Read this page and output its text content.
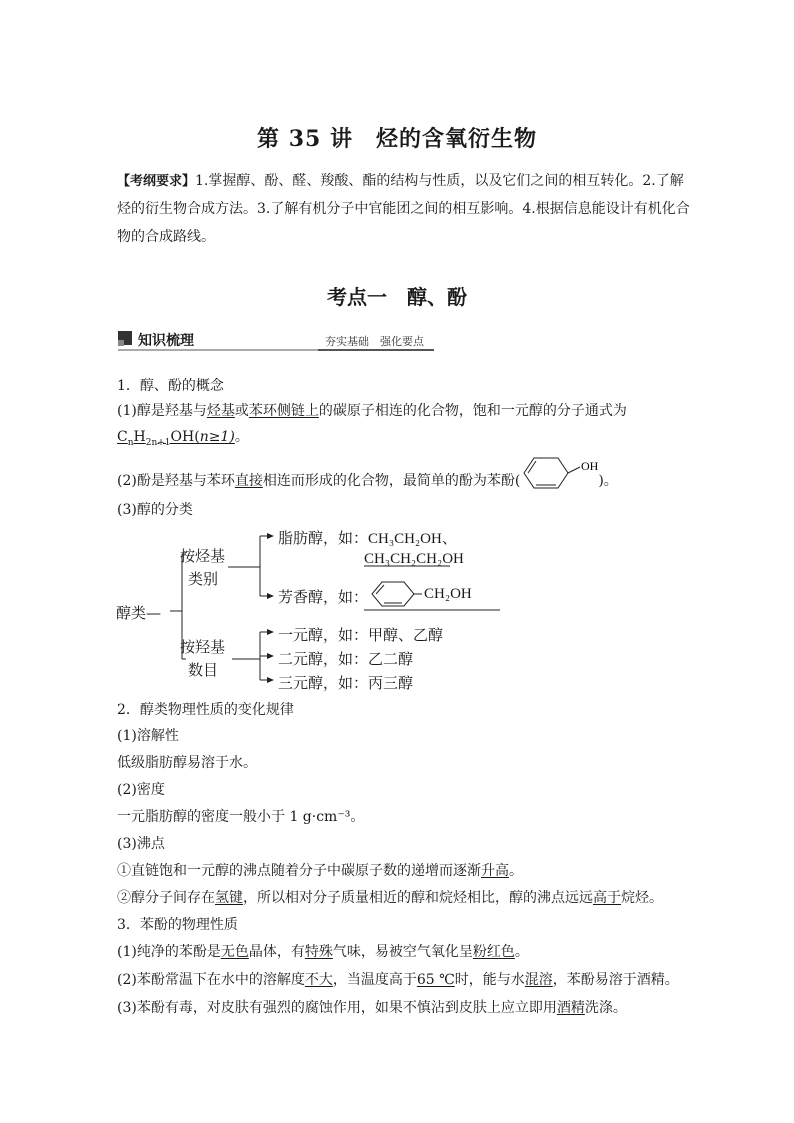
第 35 讲　烃的含氧衍生物
【考纲要求】1.掌握醇、酚、醛、羧酸、酯的结构与性质，以及它们之间的相互转化。2.了解
烃的衍生物合成方法。3.了解有机分子中官能团之间的相互影响。4.根据信息能设计有机化合
物的合成路线。
考点一　醇、酚
知识梳理	夯实基础　强化要点
1．醇、酚的概念
(1)醇是羟基与烃基或苯环侧链上的碳原子相连的化合物，饱和一元醇的分子通式为
$C_nH_{2n+1}OH(n\ge 1)$。
(2)酚是羟基与苯环直接相连而形成的化合物，最简单的酚为苯酚(	)。
OH
(3)醇的分类
醇类—
按烃基
类别
脂肪醇，如：CH₃CH₂OH、
CH₃CH₂CH₂OH
芳香醇，如：	CH₂OH
按羟基
数目
一元醇，如：甲醇、乙醇
二元醇，如：乙二醇
三元醇，如：丙三醇
2．醇类物理性质的变化规律
(1)溶解性
低级脂肪醇易溶于水。
(2)密度
一元脂肪醇的密度一般小于 1 g·cm⁻³。
(3)沸点
①直链饱和一元醇的沸点随着分子中碳原子数的递增而逐渐升高。
②醇分子间存在氢键，所以相对分子质量相近的醇和烷烃相比，醇的沸点远远高于烷烃。
3．苯酚的物理性质
(1)纯净的苯酚是无色晶体，有特殊气味，易被空气氧化呈粉红色。
(2)苯酚常温下在水中的溶解度不大，当温度高于65 ℃时，能与水混溶，苯酚易溶于酒精。
(3)苯酚有毒，对皮肤有强烈的腐蚀作用，如果不慎沾到皮肤上应立即用酒精洗涤。
